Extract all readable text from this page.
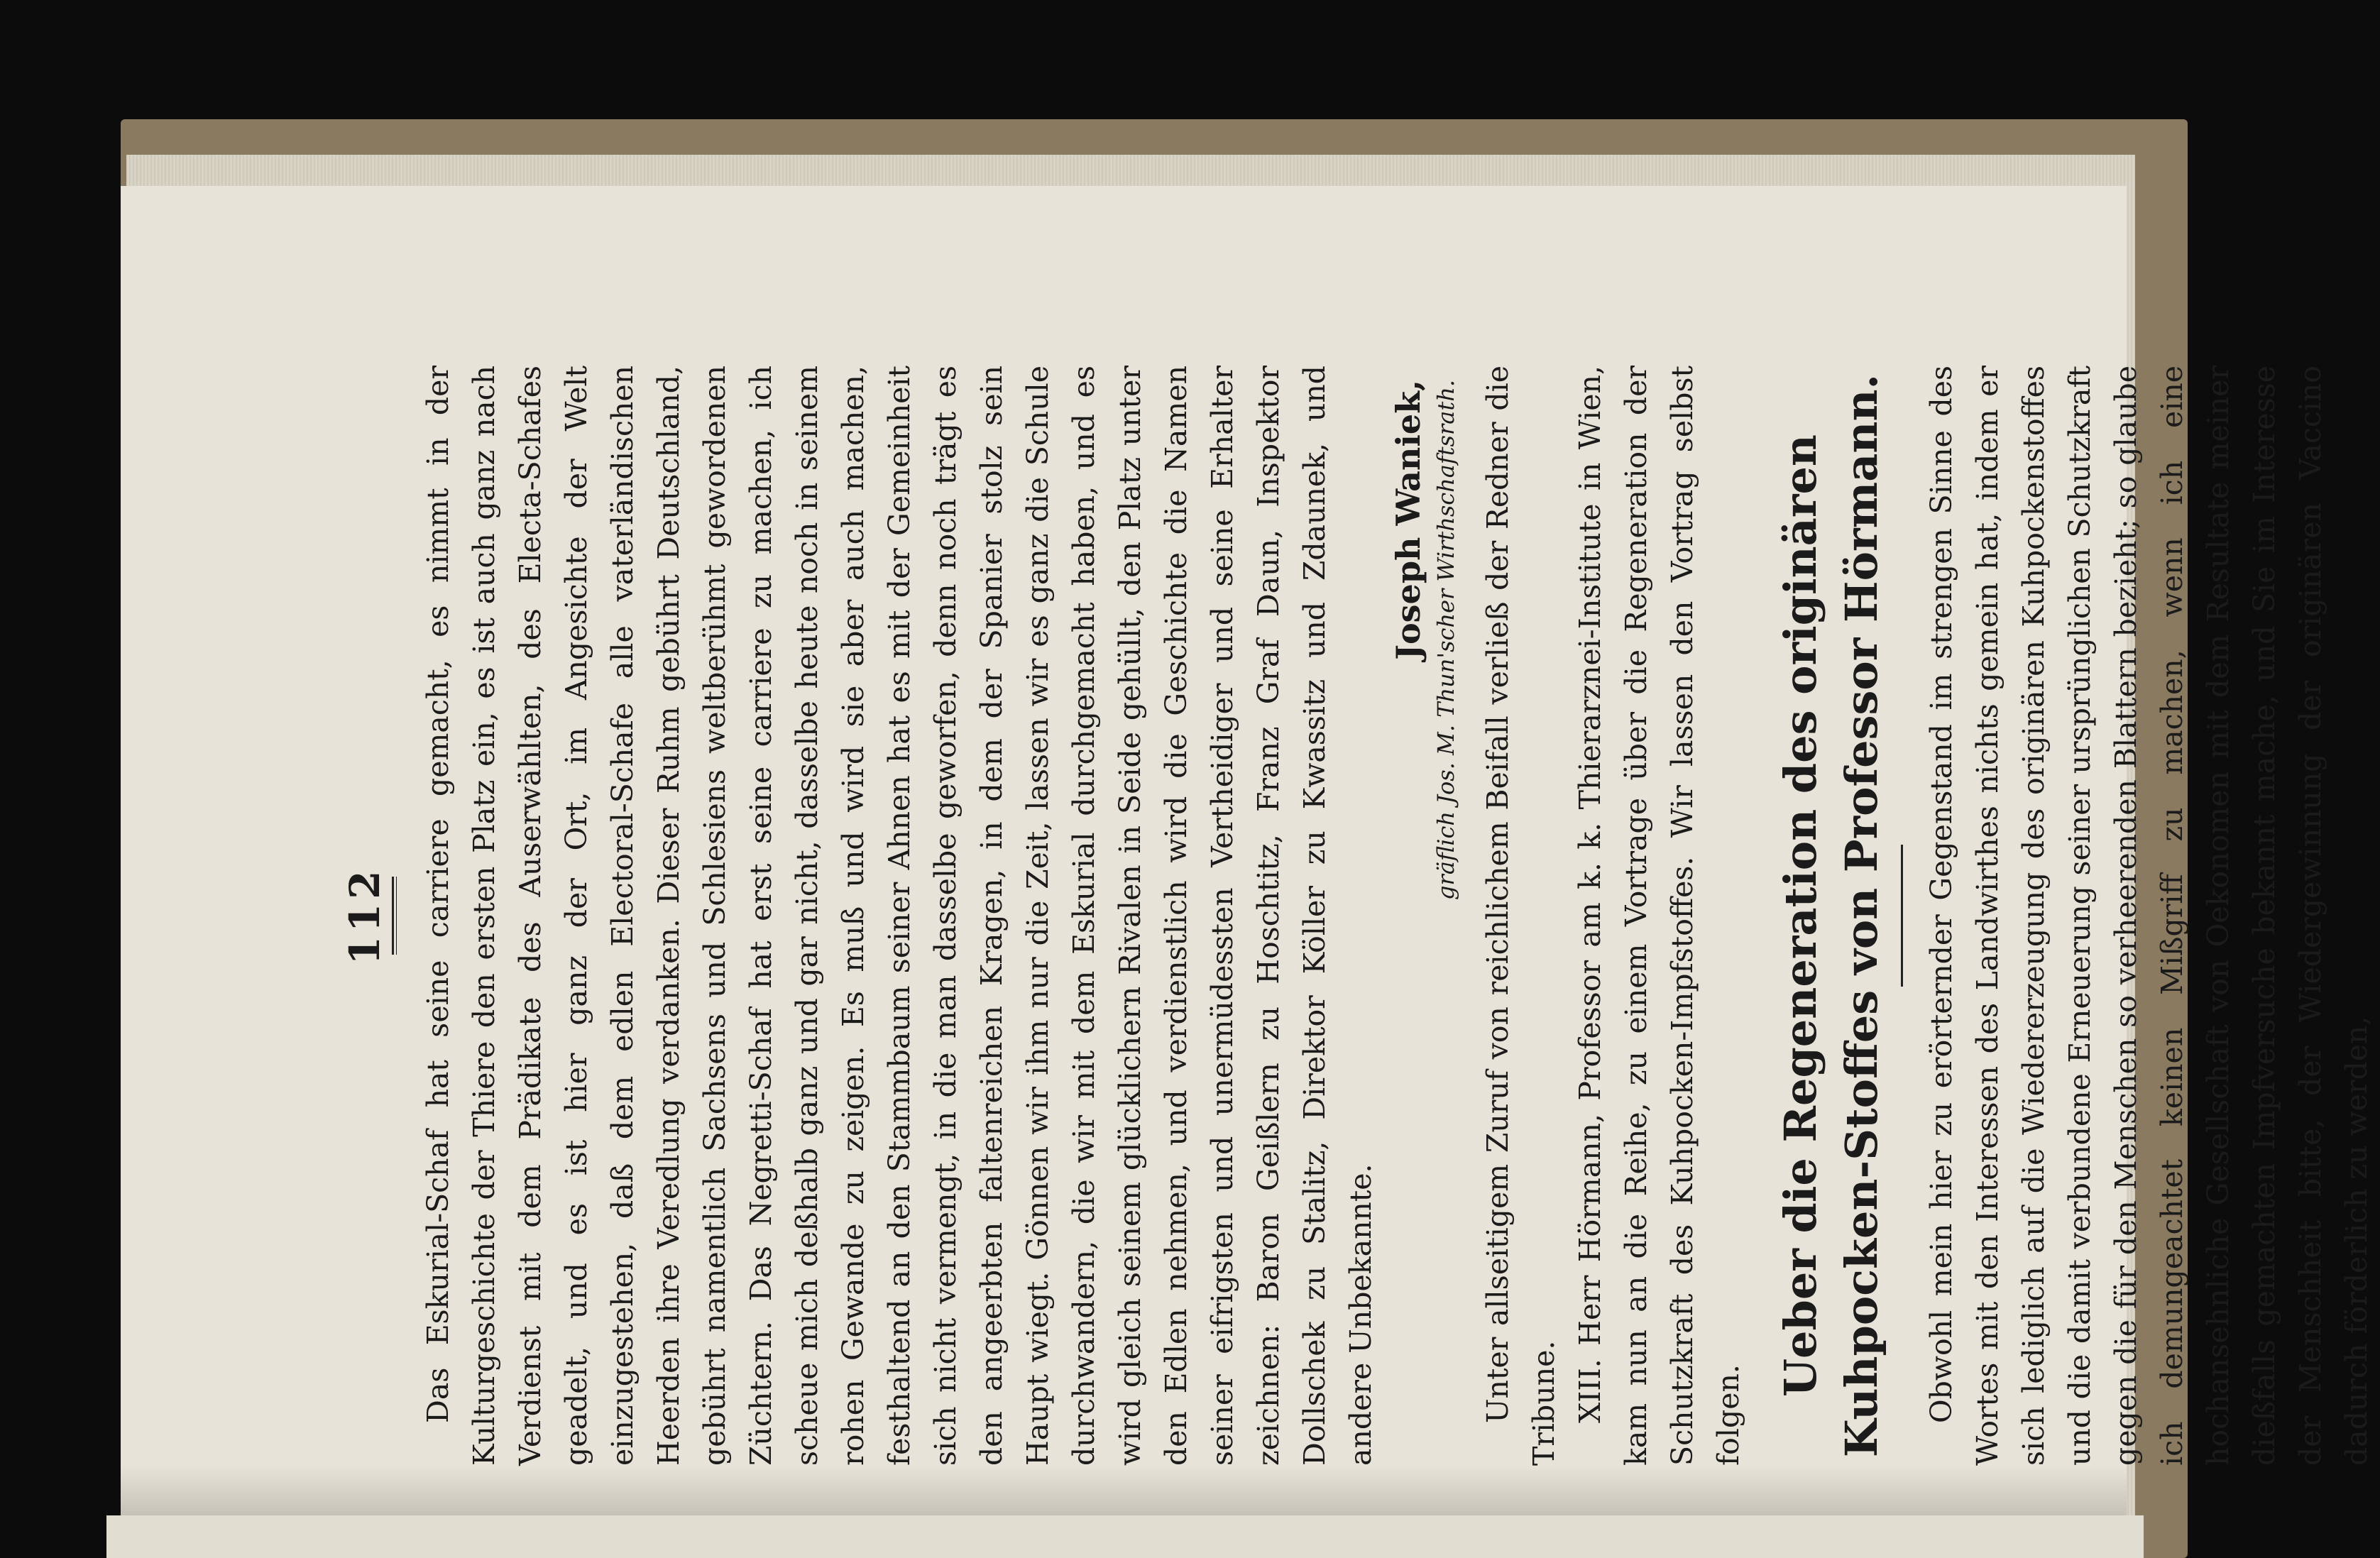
112 Das Eskurial-Schaf hat seine carriere gemacht, es nimmt in der Kulturgeschichte der Thiere den ersten Platz ein, es ist auch ganz nach Verdienst mit dem Prädikate des Auserwählten, des Electa-Schafes geadelt, und es ist hier ganz der Ort, im Angesichte der Welt einzugestehen, daß dem edlen Electoral-Schafe alle vaterländischen Heerden ihre Veredlung verdanken. Dieser Ruhm gebührt Deutschland, gebührt namentlich Sachsens und Schlesiens weltberühmt gewordenen Züchtern. Das Negretti-Schaf hat erst seine carriere zu machen, ich scheue mich deßhalb ganz und gar nicht, dasselbe heute noch in seinem rohen Gewande zu zeigen. Es muß und wird sie aber auch machen, festhaltend an den Stammbaum seiner Ahnen hat es mit der Gemeinheit sich nicht vermengt, in die man dasselbe geworfen, denn noch trägt es den angeerbten faltenreichen Kragen, in dem der Spanier stolz sein Haupt wiegt. Gönnen wir ihm nur die Zeit, lassen wir es ganz die Schule durchwandern, die wir mit dem Eskurial durchgemacht haben, und es wird gleich seinem glücklichern Rivalen in Seide gehüllt, den Platz unter den Edlen nehmen, und verdienstlich wird die Geschichte die Namen seiner eifrigsten und unermüdessten Vertheidiger und seine Erhalter zeichnen: Baron Geißlern zu Hoschtitz, Franz Graf Daun, Inspektor Dollschek zu Stalitz, Direktor Köller zu Kwassitz und Zdaunek, und andere Unbekannte.

Joseph Waniek, gräflich Jos. M. Thun'scher Wirthschaftsrath. Unter allseitigem Zuruf von reichlichem Beifall verließ der Redner die Tribune. XIII. Herr Hörmann, Professor am k. k. Thierarznei-Institute in Wien, kam nun an die Reihe, zu einem Vortrage über die Regeneration der Schutzkraft des Kuhpocken-Impfstoffes. Wir lassen den Vortrag selbst folgen.

Ueber die Regeneration des originären Kuhpocken-Stoffes von Professor Hörmann. Obwohl mein hier zu erörternder Gegenstand im strengen Sinne des Wortes mit den Interessen des Landwirthes nichts gemein hat, indem er sich lediglich auf die Wiedererzeugung des originären Kuhpockenstoffes und die damit verbundene Erneuerung seiner ursprünglichen Schutzkraft gegen die für den Menschen so verheerenden Blattern bezieht; so glaube ich demungeachtet keinen Mißgriff zu machen, wenn ich eine hochansehnliche Gesellschaft von Oekonomen mit dem Resultate meiner dießfalls gemachten Impfversuche bekannt mache, und Sie im Interesse der Menschheit bitte, der Wiedergewinnung der originären Vaccino dadurch förderlich zu werden,
